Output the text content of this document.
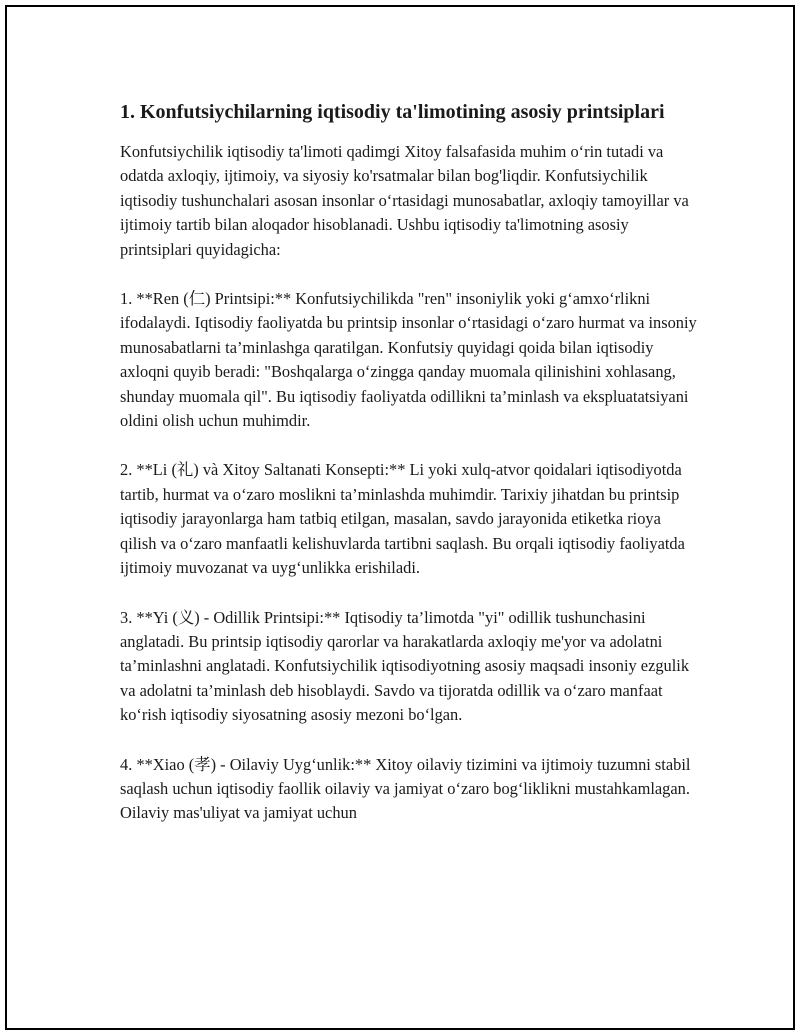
1. Konfutsiychilarning iqtisodiy ta'limotining asosiy printsiplari

Konfutsiychilik iqtisodiy ta'limoti qadimgi Xitoy falsafasida muhim o‘rin tutadi va odatda axloqiy, ijtimoiy, va siyosiy ko'rsatmalar bilan bog'liqdir. Konfutsiychilik iqtisodiy tushunchalari asosan insonlar o‘rtasidagi munosabatlar, axloqiy tamoyillar va ijtimoiy tartib bilan aloqador hisoblanadi. Ushbu iqtisodiy ta'limotning asosiy printsiplari quyidagicha:

1. **Ren (仁) Printsipi:** Konfutsiychilikda "ren" insoniylik yoki g‘amxo‘rlikni ifodalaydi. Iqtisodiy faoliyatda bu printsip insonlar o‘rtasidagi o‘zaro hurmat va insoniy munosabatlarni ta’minlashga qaratilgan. Konfutsiy quyidagi qoida bilan iqtisodiy axloqni quyib beradi: "Boshqalarga o‘zingga qanday muomala qilinishini xohlasang, shunday muomala qil". Bu iqtisodiy faoliyatda odillikni ta’minlash va ekspluatatsiyani oldini olish uchun muhimdir.

2. **Li (礼) và Xitoy Saltanati Konsepti:** Li yoki xulq-atvor qoidalari iqtisodiyotda tartib, hurmat va o‘zaro moslikni ta’minlashda muhimdir. Tarixiy jihatdan bu printsip iqtisodiy jarayonlarga ham tatbiq etilgan, masalan, savdo jarayonida etiketka rioya qilish va o‘zaro manfaatli kelishuvlarda tartibni saqlash. Bu orqali iqtisodiy faoliyatda ijtimoiy muvozanat va uyg‘unlikka erishiladi.

3. **Yi (义) - Odillik Printsipi:** Iqtisodiy ta’limotda "yi" odillik tushunchasini anglatadi. Bu printsip iqtisodiy qarorlar va harakatlarda axloqiy me'yor va adolatni ta’minlashni anglatadi. Konfutsiychilik iqtisodiyotning asosiy maqsadi insoniy ezgulik va adolatni ta’minlash deb hisoblaydi. Savdo va tijoratda odillik va o‘zaro manfaat ko‘rish iqtisodiy siyosatning asosiy mezoni bo‘lgan.

4. **Xiao (孝) - Oilaviy Uyg‘unlik:** Xitoy oilaviy tizimini va ijtimoiy tuzumni stabil saqlash uchun iqtisodiy faollik oilaviy va jamiyat o‘zaro bog‘liklikni mustahkamlagan. Oilaviy mas'uliyat va jamiyat uchun
